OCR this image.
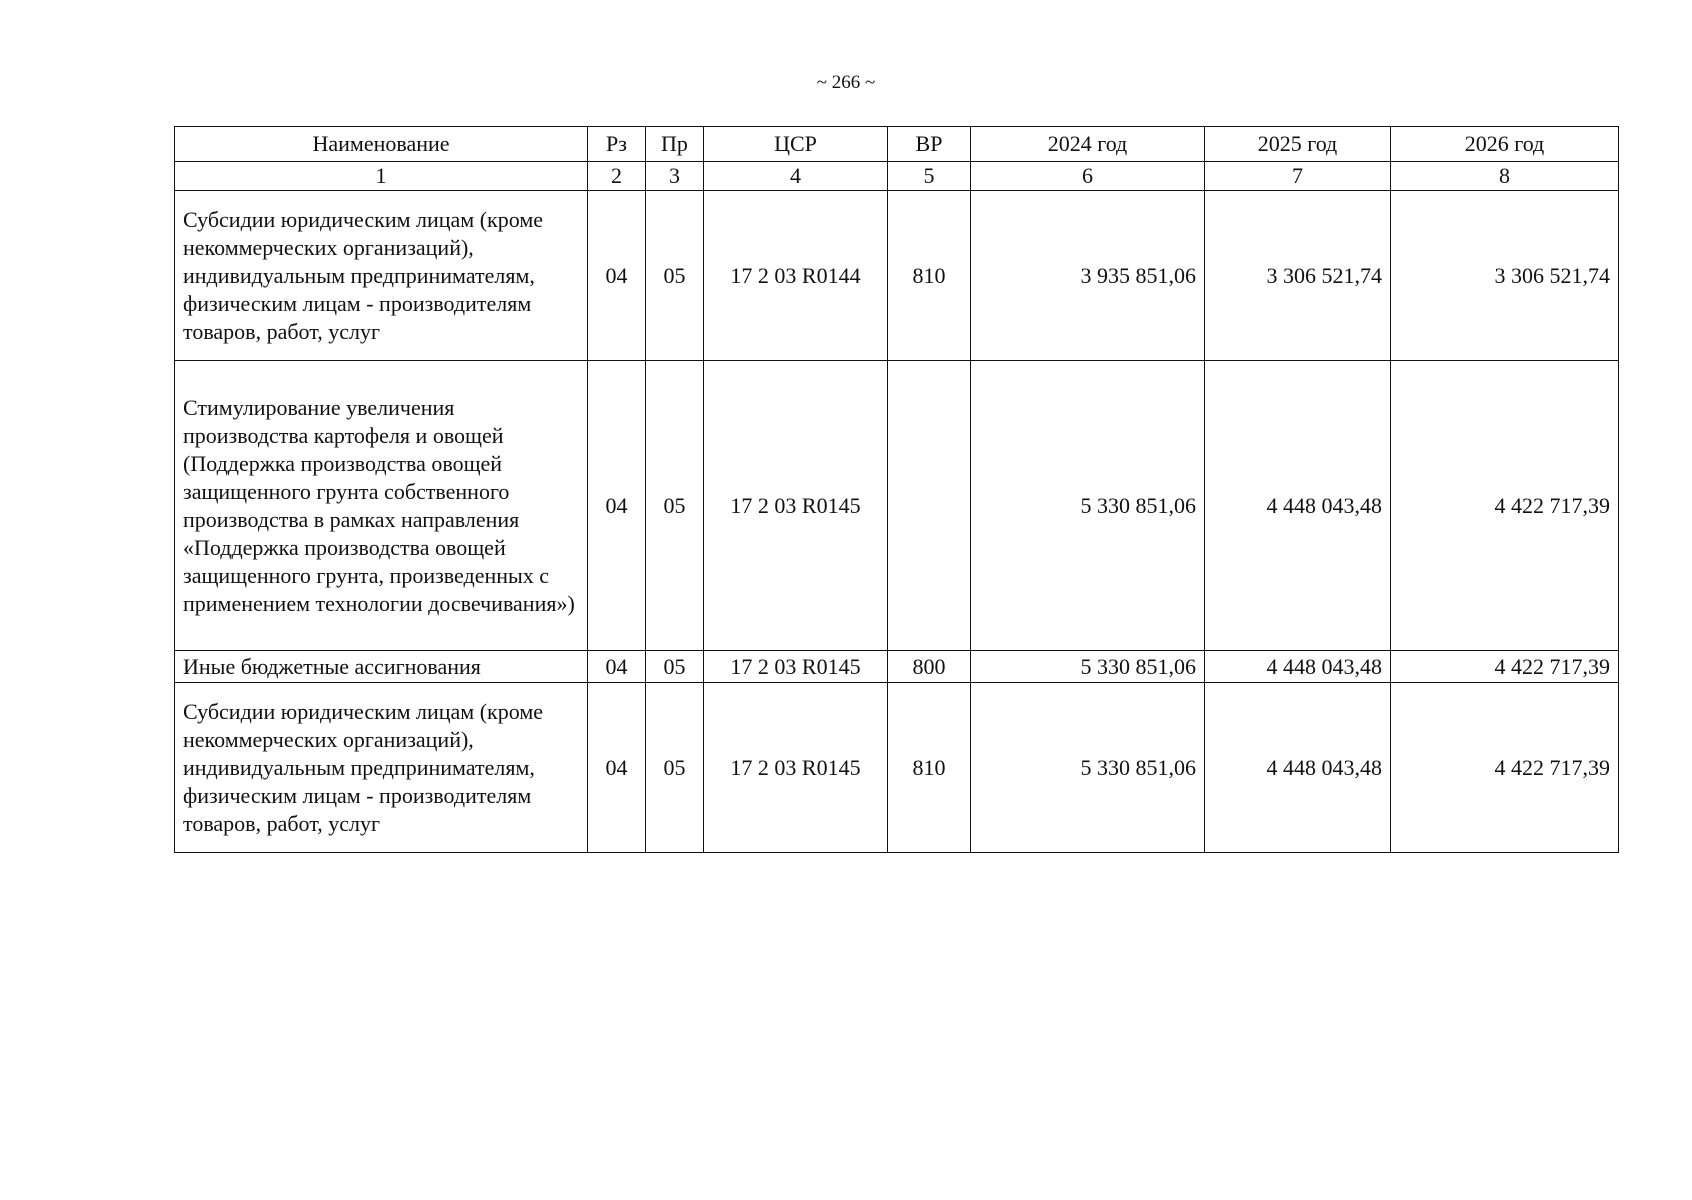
~ 266 ~
Наименование	Рз	Пр	ЦСР	ВР	2024 год	2025 год	2026 год
1	2	3	4	5	6	7	8
Субсидии юридическим лицам (кроме некоммерческих организаций), индивидуальным предпринимателям, физическим лицам - производителям товаров, работ, услуг	04	05	17 2 03 R0144	810	3 935 851,06	3 306 521,74	3 306 521,74
Стимулирование увеличения производства картофеля и овощей (Поддержка производства овощей защищенного грунта собственного производства в рамках направления «Поддержка производства овощей защищенного грунта, произведенных с применением технологии досвечивания»)	04	05	17 2 03 R0145		5 330 851,06	4 448 043,48	4 422 717,39
Иные бюджетные ассигнования	04	05	17 2 03 R0145	800	5 330 851,06	4 448 043,48	4 422 717,39
Субсидии юридическим лицам (кроме некоммерческих организаций), индивидуальным предпринимателям, физическим лицам - производителям товаров, работ, услуг	04	05	17 2 03 R0145	810	5 330 851,06	4 448 043,48	4 422 717,39
